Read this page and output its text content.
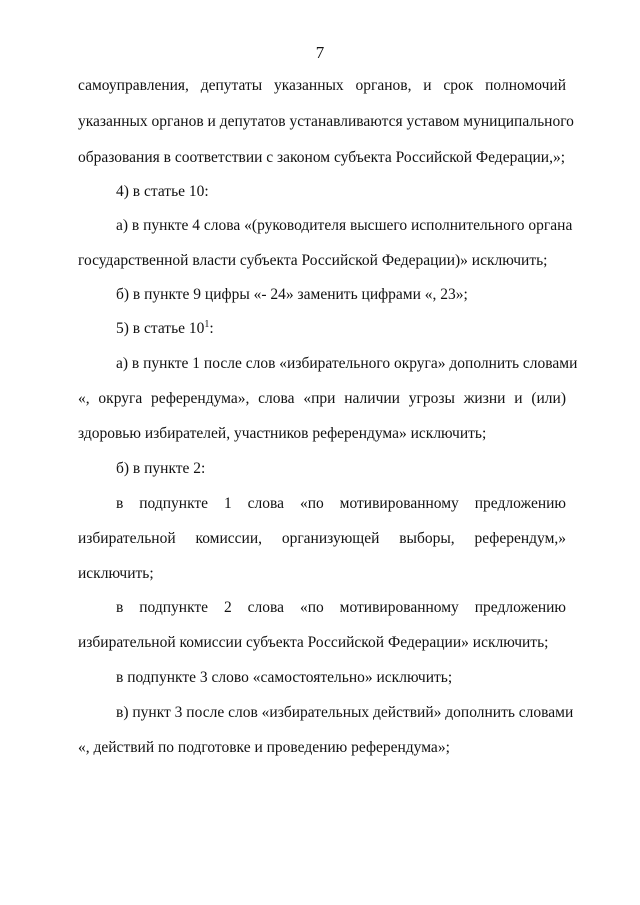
7
самоуправления, депутаты указанных органов, и срок полномочий
указанных органов и депутатов устанавливаются уставом муниципального
образования в соответствии с законом субъекта Российской Федерации,»;
4) в статье 10:
а) в пункте 4 слова «(руководителя высшего исполнительного органа
государственной власти субъекта Российской Федерации)» исключить;
б) в пункте 9 цифры «- 24» заменить цифрами «, 23»;
5) в статье $10^1$:
а) в пункте 1 после слов «избирательного округа» дополнить словами
«, округа референдума», слова «при наличии угрозы жизни и (или)
здоровью избирателей, участников референдума» исключить;
б) в пункте 2:
в подпункте 1 слова «по мотивированному предложению
избирательной комиссии, организующей выборы, референдум,»
исключить;
в подпункте 2 слова «по мотивированному предложению
избирательной комиссии субъекта Российской Федерации» исключить;
в подпункте 3 слово «самостоятельно» исключить;
в) пункт 3 после слов «избирательных действий» дополнить словами
«, действий по подготовке и проведению референдума»;
